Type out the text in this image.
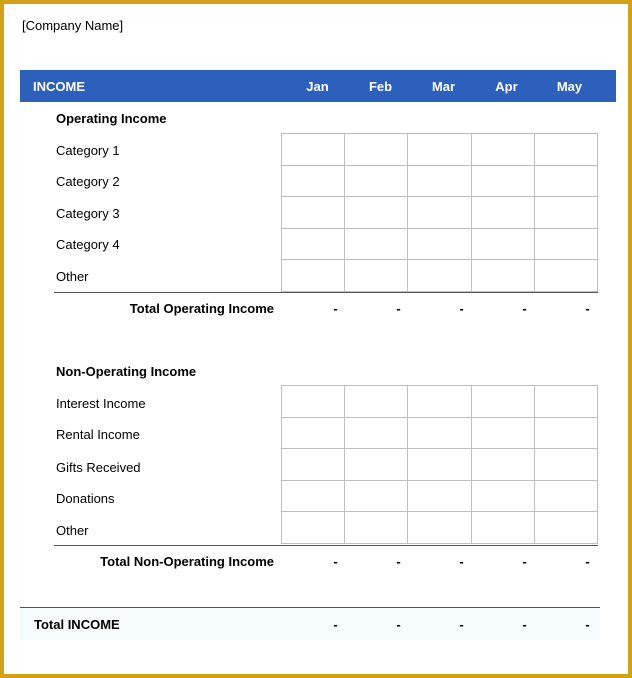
[Company Name]
INCOME	Jan	Feb	Mar	Apr	May
Operating Income
Category 1
Category 2
Category 3
Category 4
Other

Total Operating Income	-	-	-	-	-
Non-Operating Income
Interest Income
Rental Income
Gifts Received
Donations
Other

Total Non-Operating Income	-	-	-	-	-
Total INCOME	-	-	-	-	-
